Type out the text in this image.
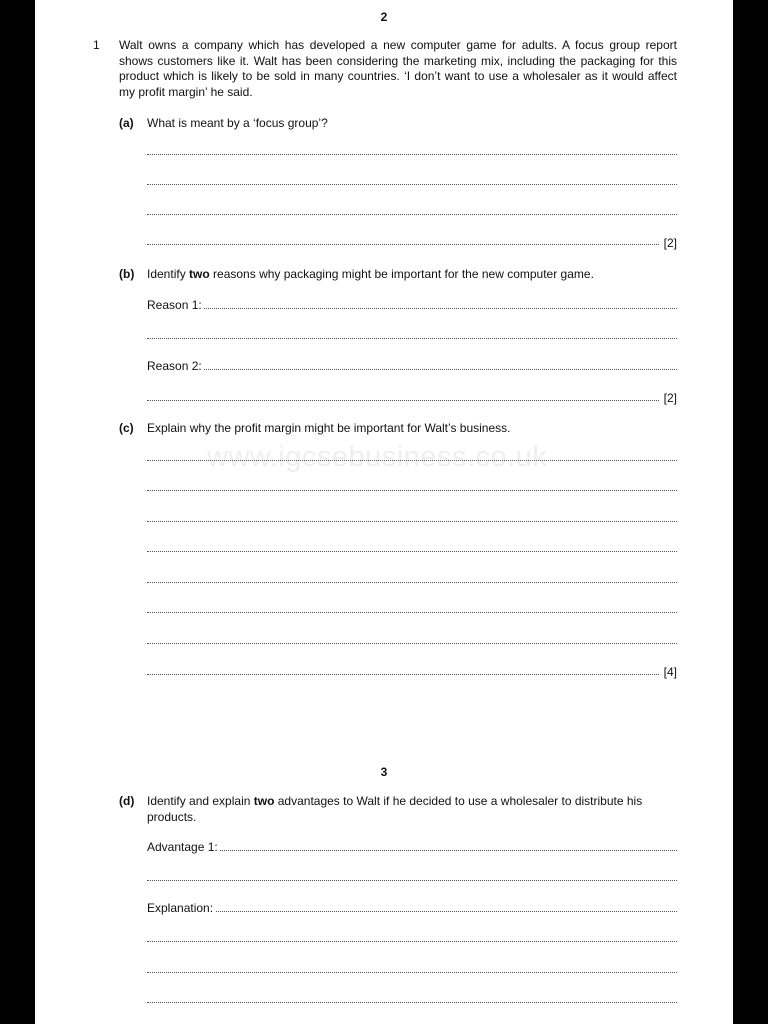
2
1 Walt owns a company which has developed a new computer game for adults. A focus group report shows customers like it. Walt has been considering the marketing mix, including the packaging for this product which is likely to be sold in many countries. ‘I don’t want to use a wholesaler as it would affect my profit margin’ he said.
(a) What is meant by a ‘focus group’?
[2]
(b) Identify two reasons why packaging might be important for the new computer game.
Reason 1:
Reason 2:
[2]
(c) Explain why the profit margin might be important for Walt’s business.
www.igcsebusiness.co.uk
[4]
3
(d) Identify and explain two advantages to Walt if he decided to use a wholesaler to distribute his products.
Advantage 1:
Explanation:
